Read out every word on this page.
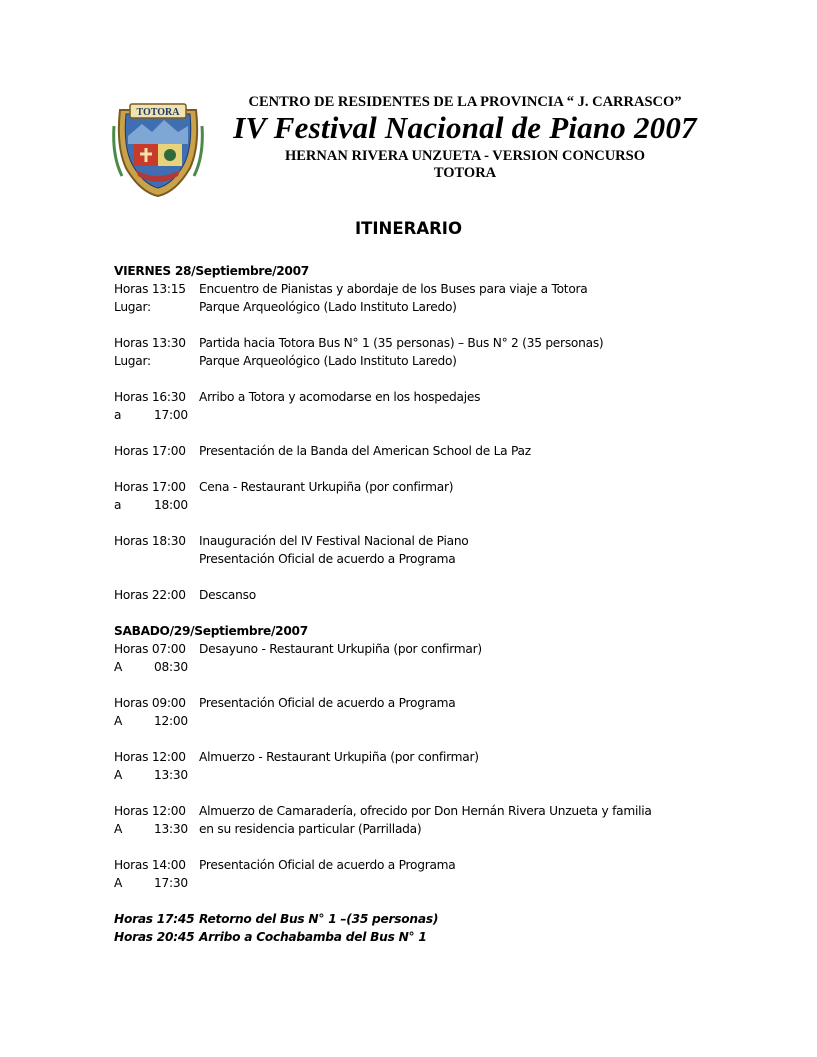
TOTORA
CENTRO DE RESIDENTES DE LA PROVINCIA “ J. CARRASCO”
IV Festival Nacional de Piano 2007
HERNAN RIVERA UNZUETA - VERSION CONCURSO
TOTORA
ITINERARIO
VIERNES 28/Septiembre/2007
Horas 13:15	Encuentro de Pianistas y abordaje de los Buses para viaje a Totora
Lugar:	Parque Arqueológico (Lado Instituto Laredo)
Horas 13:30	Partida hacia Totora Bus N° 1 (35 personas) – Bus N° 2 (35 personas)
Lugar:	Parque Arqueológico (Lado Instituto Laredo)
Horas 16:30	Arribo a Totora y acomodarse en los hospedajes
a	17:00
Horas 17:00	Presentación de la Banda del American School de La Paz
Horas 17:00	Cena - Restaurant Urkupiña (por confirmar)
a	18:00
Horas 18:30	Inauguración del IV Festival Nacional de Piano
Presentación Oficial de acuerdo a Programa
Horas 22:00	Descanso
SABADO/29/Septiembre/2007
Horas 07:00	Desayuno - Restaurant Urkupiña (por confirmar)
A	08:30
Horas 09:00	Presentación Oficial de acuerdo a Programa
A	12:00
Horas 12:00	Almuerzo - Restaurant Urkupiña (por confirmar)
A	13:30
Horas 12:00	Almuerzo de Camaradería, ofrecido por Don Hernán Rivera Unzueta y familia
A	13:30 en su residencia particular (Parrillada)
Horas 14:00	Presentación Oficial de acuerdo a Programa
A	17:30
Horas 17:45 Retorno del Bus N° 1 –(35 personas)
Horas 20:45 Arribo a Cochabamba del Bus N° 1
